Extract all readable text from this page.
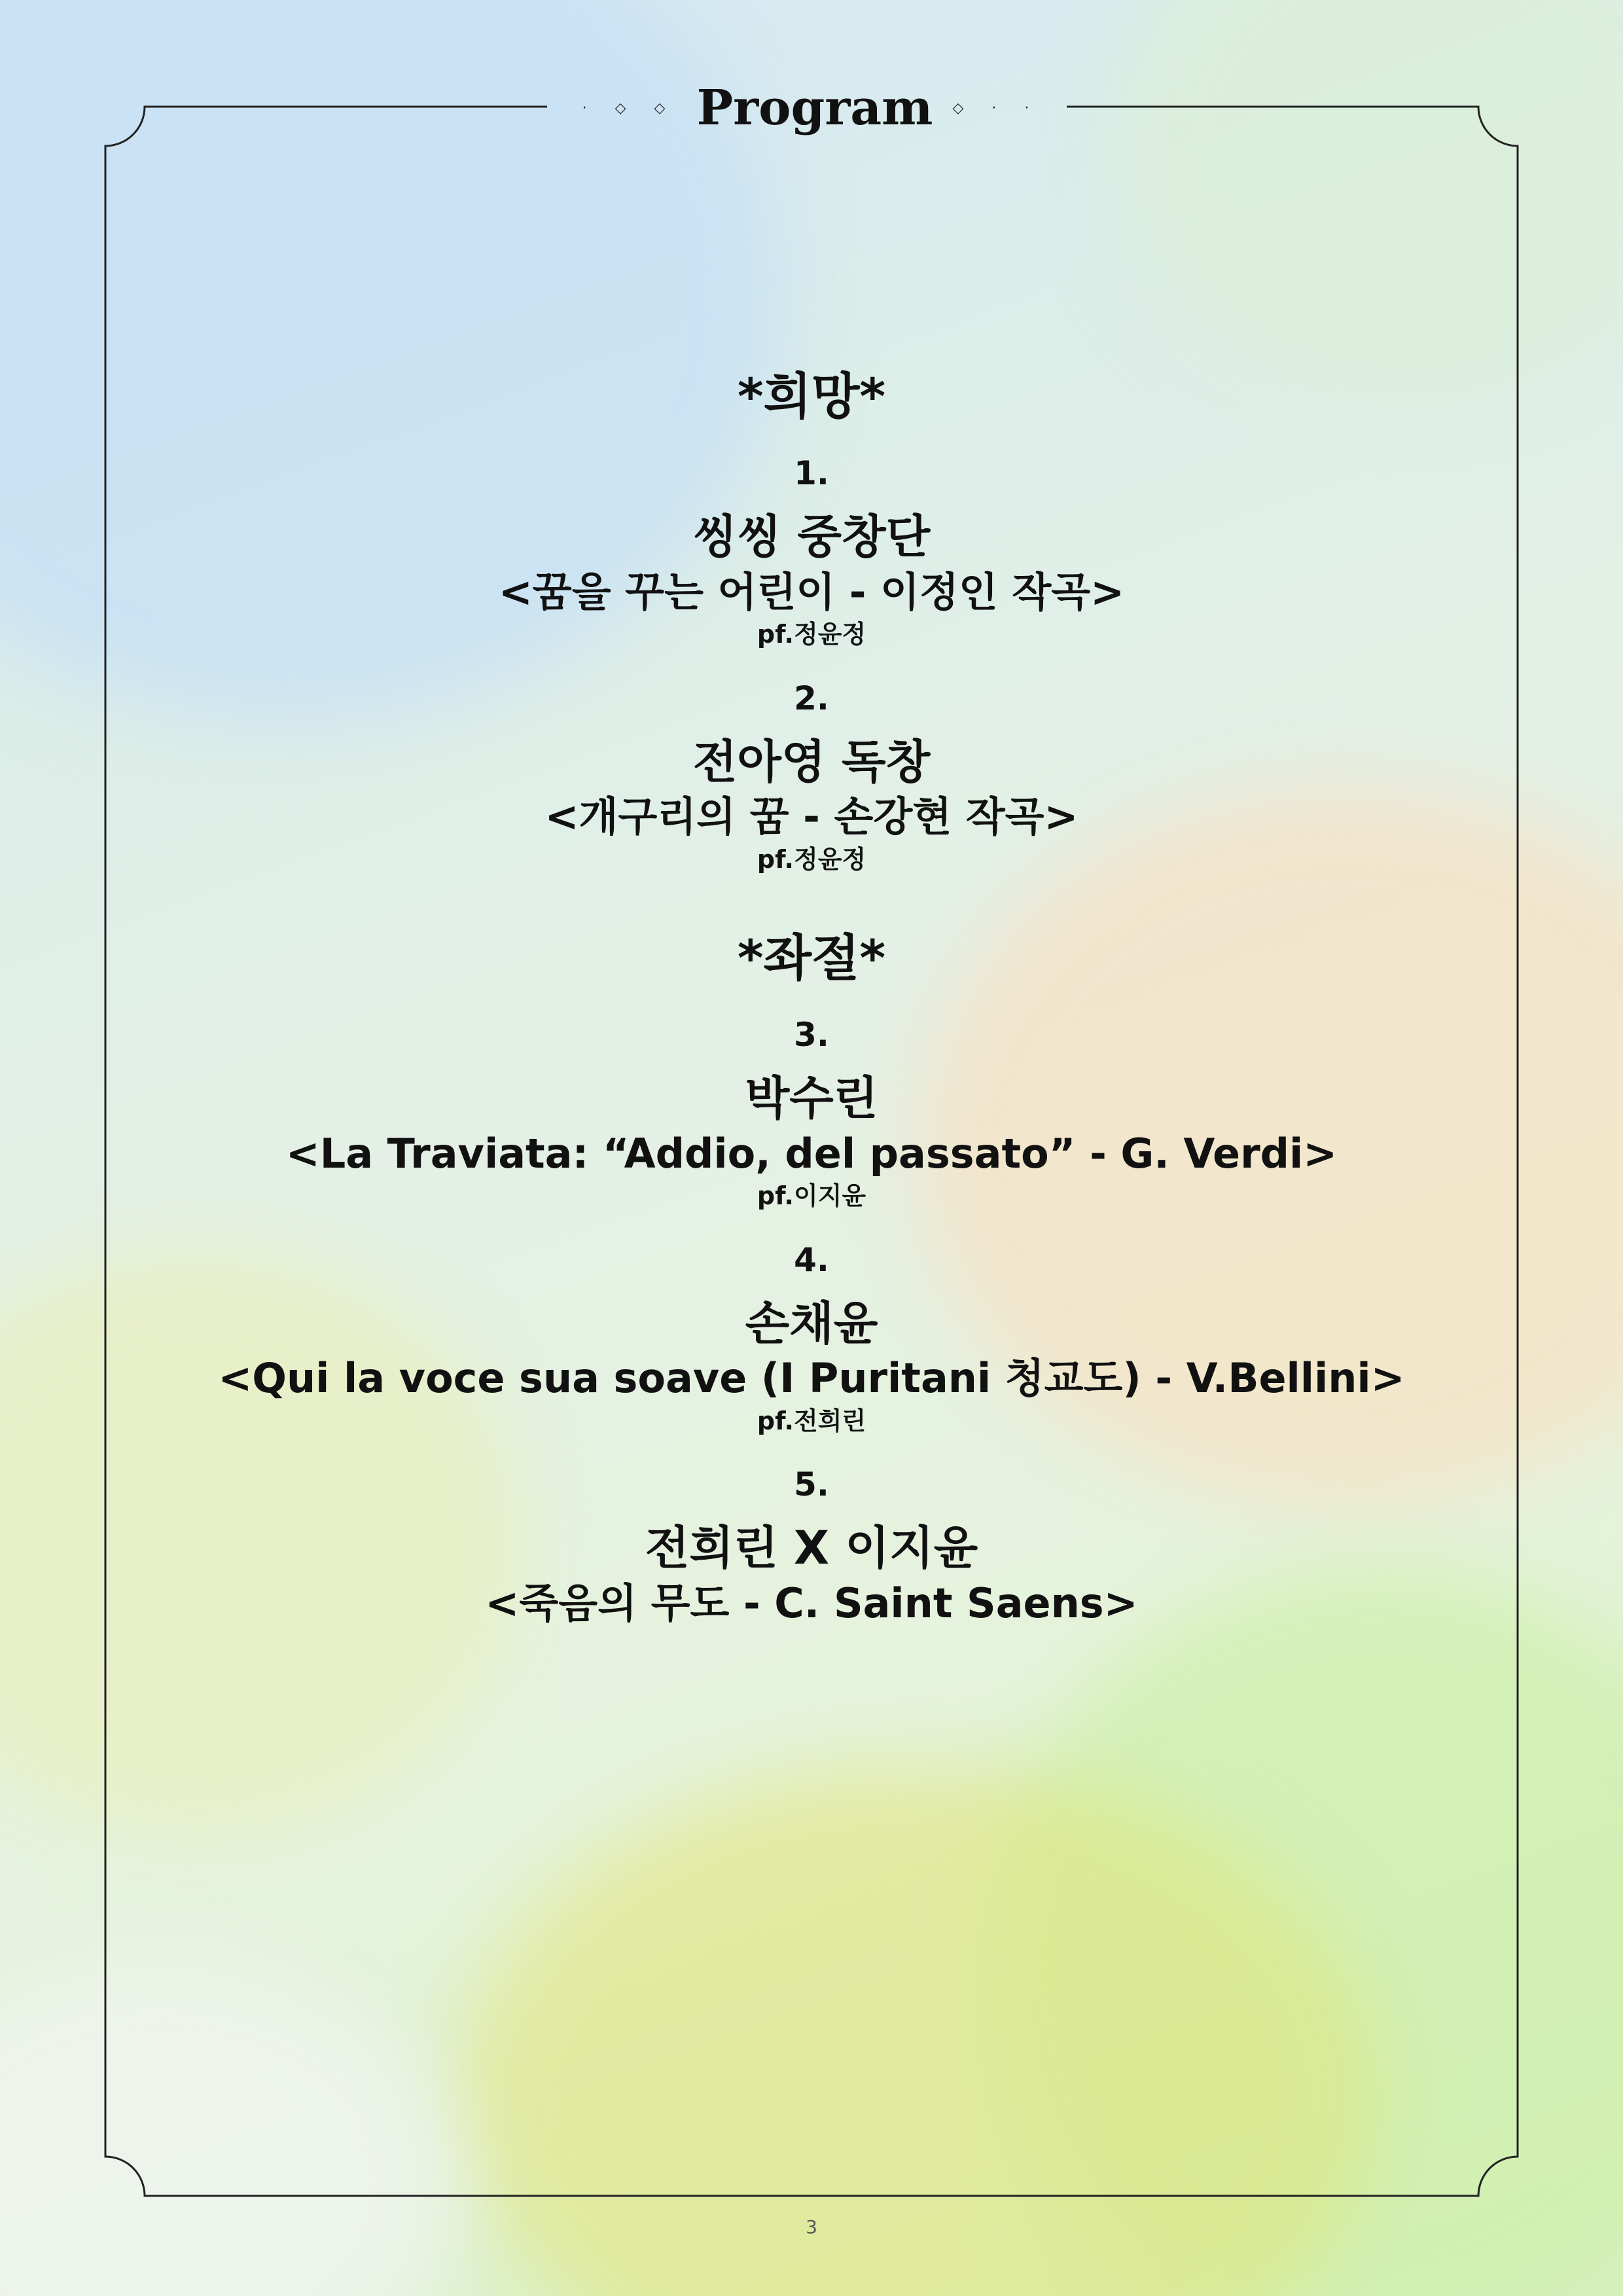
· ◇ ◇ Program ◇ · ·
*희망*
1.
씽씽 중창단
<꿈을 꾸는 어린이 - 이정인 작곡>
pf.정윤정
2.
전아영 독창
<개구리의 꿈 - 손강현 작곡>
pf.정윤정
*좌절*
3.
박수린
<La Traviata: “Addio, del passato” - G. Verdi>
pf.이지윤
4.
손채윤
<Qui la voce sua soave (I Puritani 청교도) - V.Bellini>
pf.전희린
5.
전희린 X 이지윤
<죽음의 무도 - C. Saint Saens>
3
